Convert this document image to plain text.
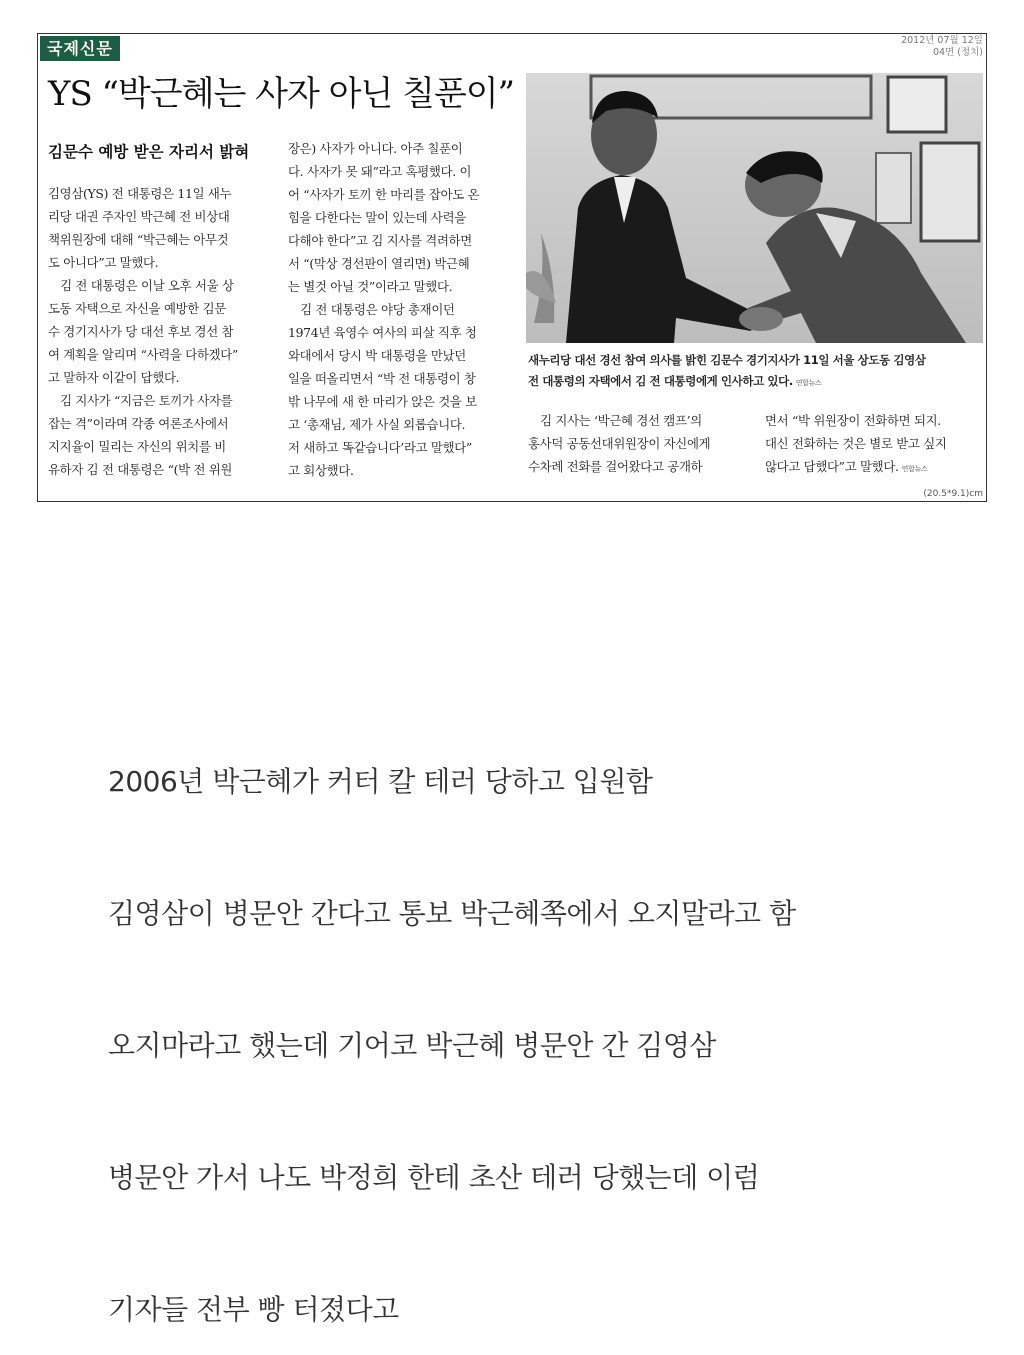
국제신문	2012년 07월 12일
04면 (정치)
YS “박근혜는 사자 아닌 칠푼이”
김문수 예방 받은 자리서 밝혀
김영삼(YS) 전 대통령은 11일 새누
리당 대권 주자인 박근혜 전 비상대
책위원장에 대해 “박근혜는 아무것
도 아니다”고 말했다.
　김 전 대통령은 이날 오후 서울 상
도동 자택으로 자신을 예방한 김문
수 경기지사가 당 대선 후보 경선 참
여 계획을 알리며 “사력을 다하겠다”
고 말하자 이같이 답했다.
　김 지사가 “지금은 토끼가 사자를
잡는 격”이라며 각종 여론조사에서
지지율이 밀리는 자신의 위치를 비
유하자 김 전 대통령은 “(박 전 위원
장은) 사자가 아니다. 아주 칠푼이
다. 사자가 못 돼”라고 혹평했다. 이
어 “사자가 토끼 한 마리를 잡아도 온
힘을 다한다는 말이 있는데 사력을
다해야 한다”고 김 지사를 격려하면
서 “(막상 경선판이 열리면) 박근혜
는 별것 아닐 것”이라고 말했다.
　김 전 대통령은 야당 총재이던
1974년 육영수 여사의 피살 직후 청
와대에서 당시 박 대통령을 만났던
일을 떠올리면서 “박 전 대통령이 창
밖 나무에 새 한 마리가 앉은 것을 보
고 ‘총재님, 제가 사실 외롭습니다.
저 새하고 똑같습니다’라고 말했다”
고 회상했다.
새누리당 대선 경선 참여 의사를 밝힌 김문수 경기지사가 11일 서울 상도동 김영삼
전 대통령의 자택에서 김 전 대통령에게 인사하고 있다. 연합뉴스
　김 지사는 ‘박근혜 경선 캠프’의
홍사덕 공동선대위원장이 자신에게
수차례 전화를 걸어왔다고 공개하
면서 “박 위원장이 전화하면 되지.
대신 전화하는 것은 별로 받고 싶지
않다고 답했다”고 말했다. 연합뉴스
(20.5*9.1)cm
2006년 박근혜가 커터 칼 테러 당하고 입원함
김영삼이 병문안 간다고 통보 박근혜쪽에서 오지말라고 함
오지마라고 했는데 기어코 박근혜 병문안 간 김영삼
병문안 가서 나도 박정희 한테 초산 테러 당했는데 이럼
기자들 전부 빵 터졌다고
